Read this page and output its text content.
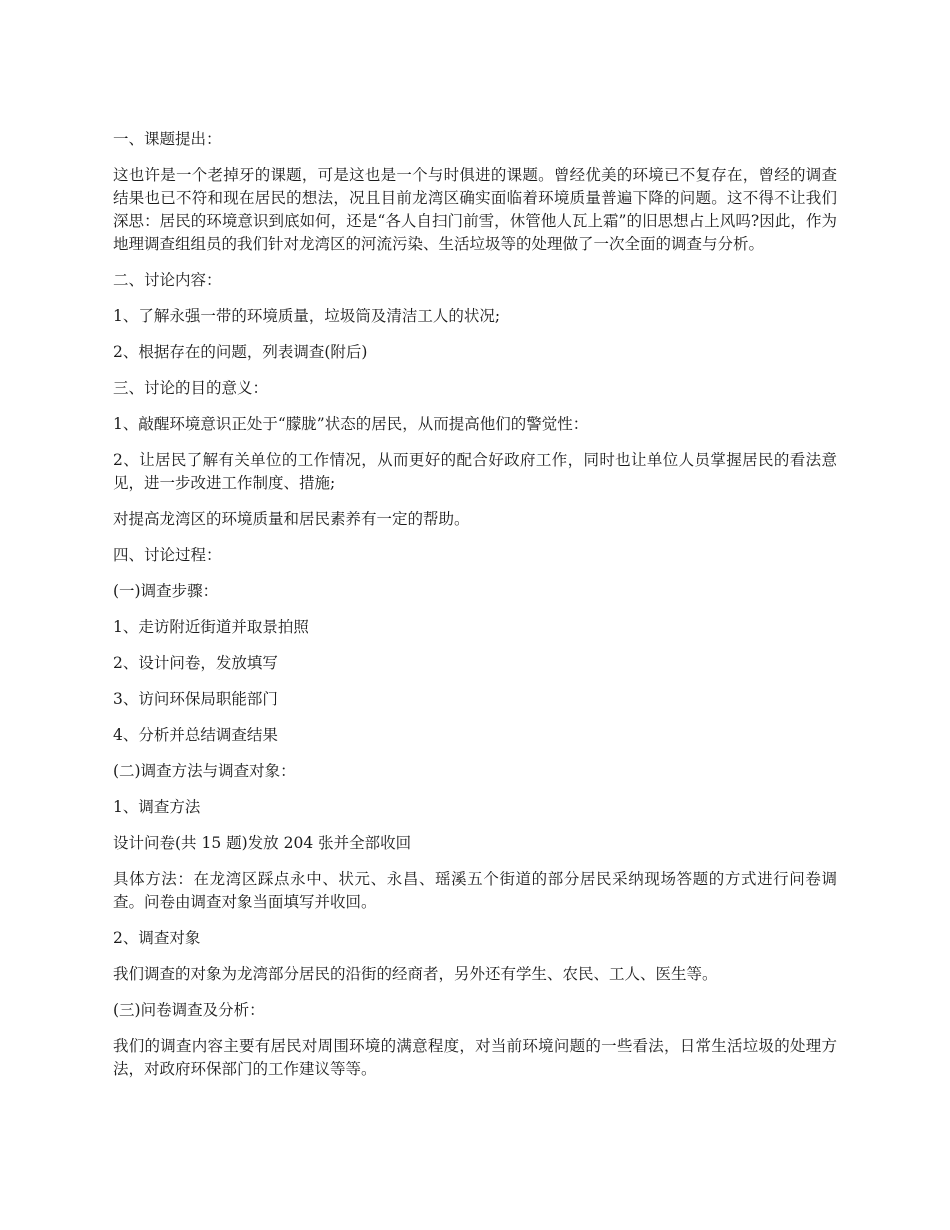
一、课题提出：

这也许是一个老掉牙的课题，可是这也是一个与时俱进的课题。曾经优美的环境已不复存在，曾经的调查结果也已不符和现在居民的想法，况且目前龙湾区确实面临着环境质量普遍下降的问题。这不得不让我们深思：居民的环境意识到底如何，还是“各人自扫门前雪，休管他人瓦上霜”的旧思想占上风吗?因此，作为地理调查组组员的我们针对龙湾区的河流污染、生活垃圾等的处理做了一次全面的调查与分析。

二、讨论内容：

1、了解永强一带的环境质量，垃圾筒及清洁工人的状况;

2、根据存在的问题，列表调查(附后)

三、讨论的目的意义：

1、敲醒环境意识正处于“朦胧”状态的居民，从而提高他们的警觉性：

2、让居民了解有关单位的工作情况，从而更好的配合好政府工作，同时也让单位人员掌握居民的看法意见，进一步改进工作制度、措施;

对提高龙湾区的环境质量和居民素养有一定的帮助。

四、讨论过程：

(一)调查步骤：

1、走访附近街道并取景拍照

2、设计问卷，发放填写

3、访问环保局职能部门

4、分析并总结调查结果

(二)调查方法与调查对象：

1、调查方法

设计问卷(共 15 题)发放 204 张并全部收回

具体方法：在龙湾区踩点永中、状元、永昌、瑶溪五个街道的部分居民采纳现场答题的方式进行问卷调查。问卷由调查对象当面填写并收回。

2、调查对象

我们调查的对象为龙湾部分居民的沿街的经商者，另外还有学生、农民、工人、医生等。

(三)问卷调查及分析：

我们的调查内容主要有居民对周围环境的满意程度，对当前环境问题的一些看法，日常生活垃圾的处理方法，对政府环保部门的工作建议等等。
